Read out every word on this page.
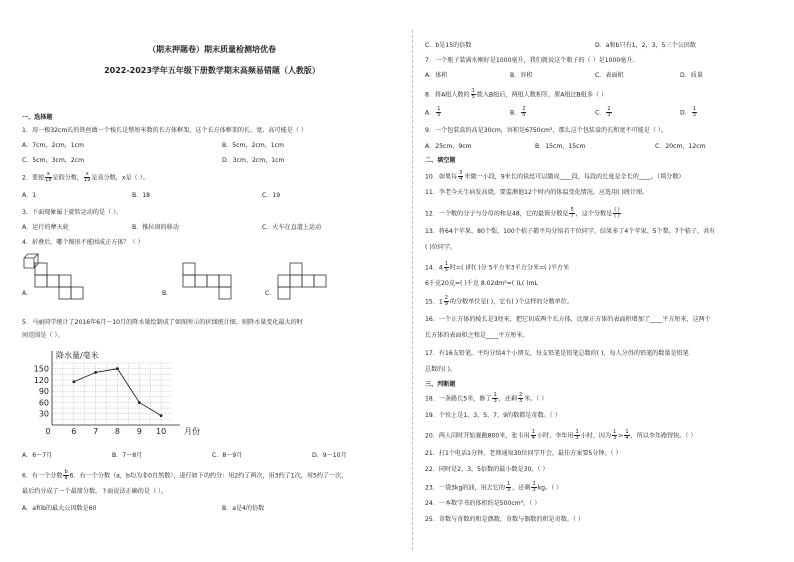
（期末押题卷）期末质量检测培优卷
2022-2023学年五年级下册数学期末高频易错题（人教版）
一、选择题
1．用一根32cm长的铁丝做一个棱长是整厘米数的长方体框架，这个长方体框架的长、宽、高可能是（ ）
A．7cm，2cm，1cm	B．5cm，2cm，1cm
C．5cm，3cm，2cm	D．3cm，2cm，1cm
2．要使 $\frac{x}{18}$ 是假分数， $\frac{x}{19}$ 是真分数，x是（ ）。
A．1	B．18	C．19
3．下面现象属于旋转运动的是（ ）。
A．运行的摩天轮	B．推拉窗的移动	C．火车在直道上运动
4．折叠后，哪个图形不能围成正方体？（ ）
A．	B．	C．
5．马丽同学统计了2016年6月～10月的降水量绘制成了如图所示的折线统计图，则降水量变化最大的时
间范围是（ ）。
降水量/毫米
30
60
90
120
150
0	6 7 8 9 10 月份
A．6～7月	B．7～8月	C．8～9月	D．9～10月
6．有一个分数 $\frac{b}{a} 6$．有一个分数（a，b均为非0自然数），进行如下的约分：用2约了两次，用3约了1次，用5约了一次，
最后约分成了一个最简分数。下面说法正确的是（ ）。
A．a和b的最大公因数是60	B．a是4的倍数
C．b是15的倍数	D．a和b只有1，2，3，5三个公因数
7．一个瓶子装满水刚好是1000毫升，我们就说这个瓶子的（ ）是1000毫升。
A．体积	B．容积	C．表面积	D．质量
8．将A组人数的 $\frac{1}{5}$ 拨入B组后，两组人数相等，原A组比B组多（ ）
A． $\frac{1}{5}$	B． $\frac{2}{5}$	C． $\frac{2}{3}$	D． $\frac{1}{3}$
9．一个包装盒的高是30cm，容积是6750cm³，那么这个包装盒的长和宽不可能是（ ）。
A．25cm，9cm	B．15cm，15cm	C．20cm，12cm
二、填空题
10．如果每 $\frac{3}{4}$ 米做一小段，9米长的铁丝可以做成____段，每段的长度是全长的____。（填分数）
11．李老今天生病发高烧，要监测他12个时内的体温变化情况，应选用( )统计图。
12．一个数的分子与分母的和是48，它的最简分数是 $\frac{5}{7}$ ，这个分数是 $\frac{( )}{( )}$
13．将64个苹果、80个梨、100个桔子都平均分给若干位同学，结果多了4个苹果、5个梨、7个桔子，共有
( )位同学。
14．$4 \frac{1}{5}$ 时=( )时( )分 5平方米3平方分米=( )平方米
6千克20克=( )千克 8.02dm³=( )L( )mL
15．$1 \frac{2}{9}$ 的分数单位是( )，它有( )个这样的分数单位。
16．一个正方体的棱长是3厘米，把它切成两个长方体，比原正方体的表面积增加了____平方厘米，这两个
长方体的表面积之和是____平方厘米。
17．有16支铅笔，平均分给4个小朋友，每支铅笔是铅笔总数的( )，每人分得的铅笔的数量是铅笔
总数的( )。
三、判断题
18．一条路长5米，修了 $\frac{1}{3}$ ，还剩 $\frac{2}{3}$ 米。（ ）
19．个位上是1、3、5、7、9的数都是奇数。（ ）
20．两人同时开始赛跑800米，张韦用 $\frac{1}{4}$ 小时，李年用 $\frac{1}{3}$ 小时，因为 $\frac{1}{3} > \frac{1}{4}$ ，所以李年跑得快。（ ）
21．打1个电话1分钟，老师通知30位同学开会，最佳方案要5分钟。（ ）
22．同时是2，3，5倍数的最小数是30。（ ）
23．一袋3kg的油，用去它的 $\frac{1}{3}$ ，还剩 $\frac{2}{3}$ kg。（ ）
24．一本数学书的体积约是500cm³。（ ）
25．奇数与奇数的和是偶数，奇数与偶数的积是奇数。（ ）
